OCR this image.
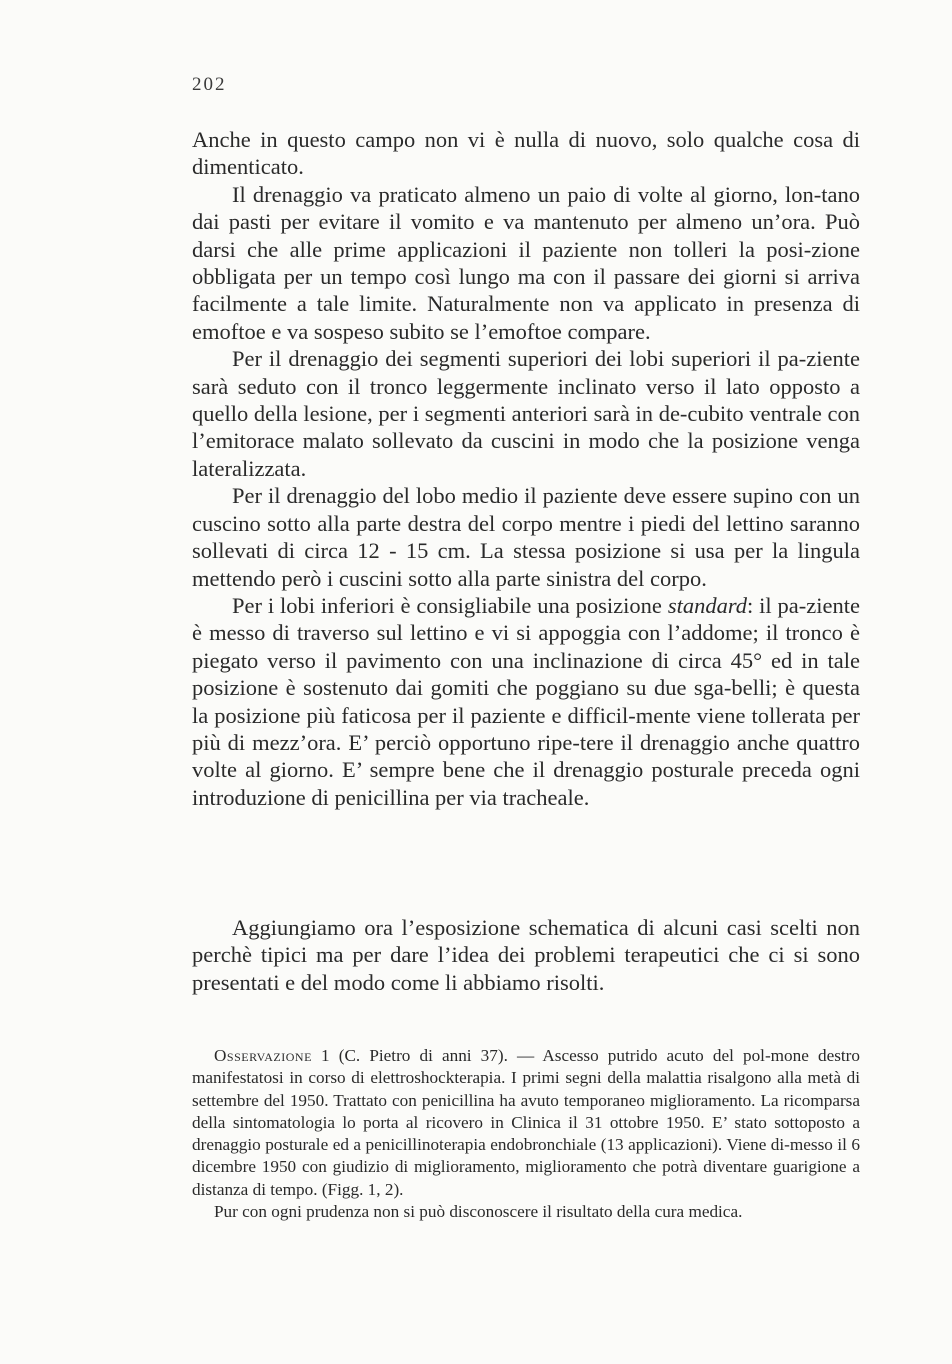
202

Anche in questo campo non vi è nulla di nuovo, solo qualche cosa di dimenticato.

Il drenaggio va praticato almeno un paio di volte al giorno, lon-tano dai pasti per evitare il vomito e va mantenuto per almeno un’ora. Può darsi che alle prime applicazioni il paziente non tolleri la posi-zione obbligata per un tempo così lungo ma con il passare dei giorni si arriva facilmente a tale limite. Naturalmente non va applicato in presenza di emoftoe e va sospeso subito se l’emoftoe compare.

Per il drenaggio dei segmenti superiori dei lobi superiori il pa-ziente sarà seduto con il tronco leggermente inclinato verso il lato opposto a quello della lesione, per i segmenti anteriori sarà in de-cubito ventrale con l’emitorace malato sollevato da cuscini in modo che la posizione venga lateralizzata.

Per il drenaggio del lobo medio il paziente deve essere supino con un cuscino sotto alla parte destra del corpo mentre i piedi del lettino saranno sollevati di circa 12 - 15 cm. La stessa posizione si usa per la lingula mettendo però i cuscini sotto alla parte sinistra del corpo.

Per i lobi inferiori è consigliabile una posizione standard: il pa-ziente è messo di traverso sul lettino e vi si appoggia con l’addome; il tronco è piegato verso il pavimento con una inclinazione di circa 45° ed in tale posizione è sostenuto dai gomiti che poggiano su due sga-belli; è questa la posizione più faticosa per il paziente e difficil-mente viene tollerata per più di mezz’ora. E’ perciò opportuno ripe-tere il drenaggio anche quattro volte al giorno. E’ sempre bene che il drenaggio posturale preceda ogni introduzione di penicillina per via tracheale.

Aggiungiamo ora l’esposizione schematica di alcuni casi scelti non perchè tipici ma per dare l’idea dei problemi terapeutici che ci si sono presentati e del modo come li abbiamo risolti.

Osservazione 1 (C. Pietro di anni 37). — Ascesso putrido acuto del pol-mone destro manifestatosi in corso di elettroshockterapia. I primi segni della malattia risalgono alla metà di settembre del 1950. Trattato con penicillina ha avuto temporaneo miglioramento. La ricomparsa della sintomatologia lo porta al ricovero in Clinica il 31 ottobre 1950. E’ stato sottoposto a drenaggio posturale ed a penicillinoterapia endobronchiale (13 applicazioni). Viene di-messo il 6 dicembre 1950 con giudizio di miglioramento, miglioramento che potrà diventare guarigione a distanza di tempo. (Figg. 1, 2).

Pur con ogni prudenza non si può disconoscere il risultato della cura medica.
